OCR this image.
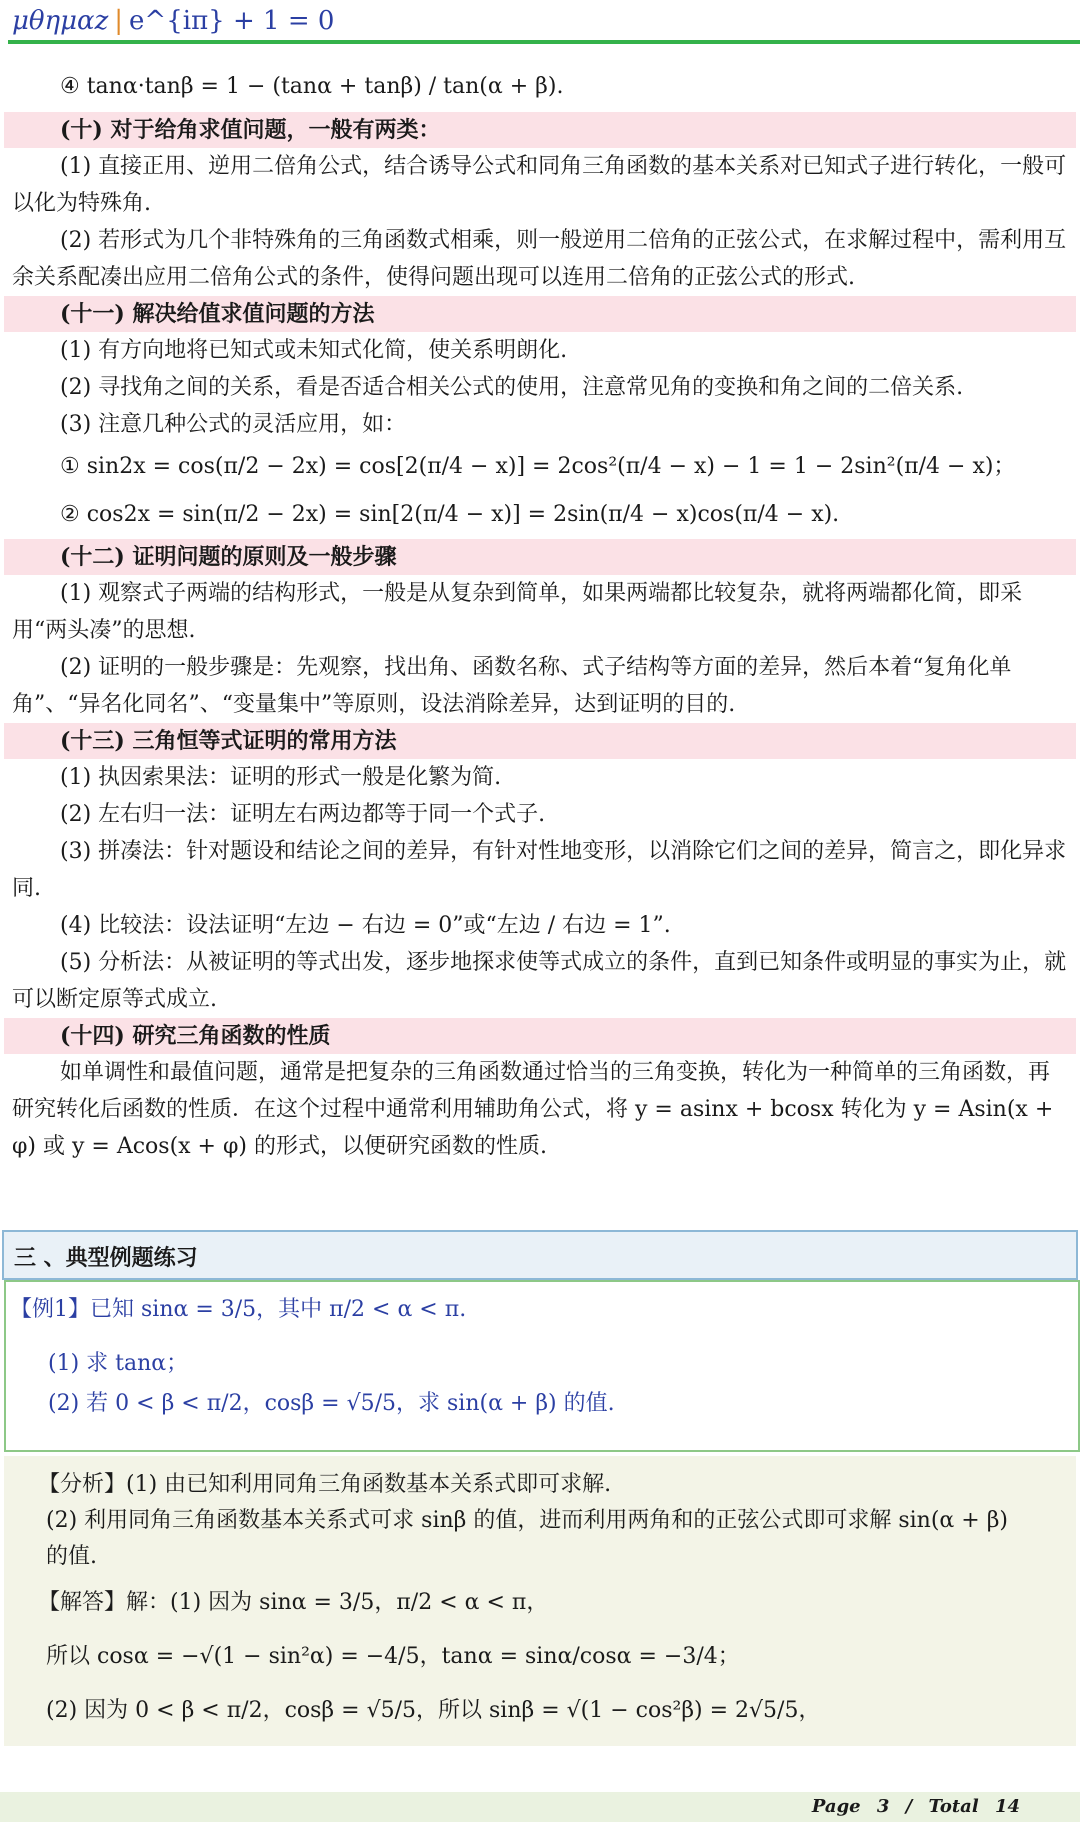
μθημαz | e^{iπ} + 1 = 0
④ tanα·tanβ = 1 − (tanα + tanβ) / tan(α + β).
(十) 对于给角求值问题，一般有两类：
(1) 直接正用、逆用二倍角公式，结合诱导公式和同角三角函数的基本关系对已知式子进行转化，一般可以化为特殊角.
(2) 若形式为几个非特殊角的三角函数式相乘，则一般逆用二倍角的正弦公式，在求解过程中，需利用互余关系配凑出应用二倍角公式的条件，使得问题出现可以连用二倍角的正弦公式的形式.
(十一) 解决给值求值问题的方法
(1) 有方向地将已知式或未知式化简，使关系明朗化.
(2) 寻找角之间的关系，看是否适合相关公式的使用，注意常见角的变换和角之间的二倍关系.
(3) 注意几种公式的灵活应用，如：
① sin2x = cos(π/2 − 2x) = cos[2(π/4 − x)] = 2cos²(π/4 − x) − 1 = 1 − 2sin²(π/4 − x)；
② cos2x = sin(π/2 − 2x) = sin[2(π/4 − x)] = 2sin(π/4 − x)cos(π/4 − x).
(十二) 证明问题的原则及一般步骤
(1) 观察式子两端的结构形式，一般是从复杂到简单，如果两端都比较复杂，就将两端都化简，即采用“两头凑”的思想.
(2) 证明的一般步骤是：先观察，找出角、函数名称、式子结构等方面的差异，然后本着“复角化单角”、“异名化同名”、“变量集中”等原则，设法消除差异，达到证明的目的.
(十三) 三角恒等式证明的常用方法
(1) 执因索果法：证明的形式一般是化繁为简.
(2) 左右归一法：证明左右两边都等于同一个式子.
(3) 拼凑法：针对题设和结论之间的差异，有针对性地变形，以消除它们之间的差异，简言之，即化异求同.
(4) 比较法：设法证明“左边 − 右边 = 0”或“左边 / 右边 = 1”.
(5) 分析法：从被证明的等式出发，逐步地探求使等式成立的条件，直到已知条件或明显的事实为止，就可以断定原等式成立.
(十四) 研究三角函数的性质
如单调性和最值问题，通常是把复杂的三角函数通过恰当的三角变换，转化为一种简单的三角函数，再研究转化后函数的性质．在这个过程中通常利用辅助角公式，将 y = asinx + bcosx 转化为 y = Asin(x + φ) 或 y = Acos(x + φ) 的形式，以便研究函数的性质.
三 、典型例题练习
【例1】已知 sinα = 3/5，其中 π/2 < α < π.
(1) 求 tanα；
(2) 若 0 < β < π/2，cosβ = √5/5，求 sin(α + β) 的值.
【分析】(1) 由已知利用同角三角函数基本关系式即可求解.
(2) 利用同角三角函数基本关系式可求 sinβ 的值，进而利用两角和的正弦公式即可求解 sin(α + β)
的值.
【解答】解：(1) 因为 sinα = 3/5，π/2 < α < π，
所以 cosα = −√(1 − sin²α) = −4/5，tanα = sinα/cosα = −3/4；
(2) 因为 0 < β < π/2，cosβ = √5/5，所以 sinβ = √(1 − cos²β) = 2√5/5，
Page 3 / Total 14
